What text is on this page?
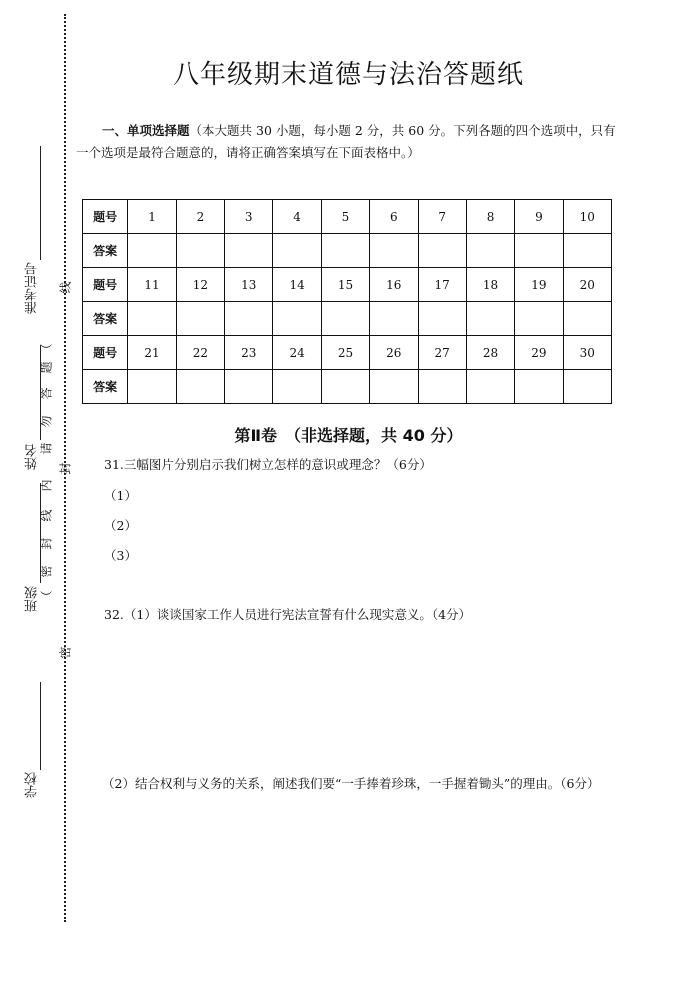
准考证号
姓名
班级
学校
线
（
答
题
请
勿
封
内
线
封
（
密
密
八年级期末道德与法治答题纸
一、单项选择题（本大题共 30 小题，每小题 2 分，共 60 分。下列各题的四个选项中，只有一个选项是最符合题意的，请将正确答案填写在下面表格中。）
题号	1	2	3	4	5	6	7	8	9	10
答案										
题号	11	12	13	14	15	16	17	18	19	20
答案										
题号	21	22	23	24	25	26	27	28	29	30
答案										
第Ⅱ卷　（非选择题，共 40 分）
31.三幅图片分别启示我们树立怎样的意识或理念？（6分）
（1）
（2）
（3）
32.（1）谈谈国家工作人员进行宪法宣誓有什么现实意义。（4分）
（2）结合权利与义务的关系，阐述我们要“一手捧着珍珠，一手握着锄头”的理由。（6分）
